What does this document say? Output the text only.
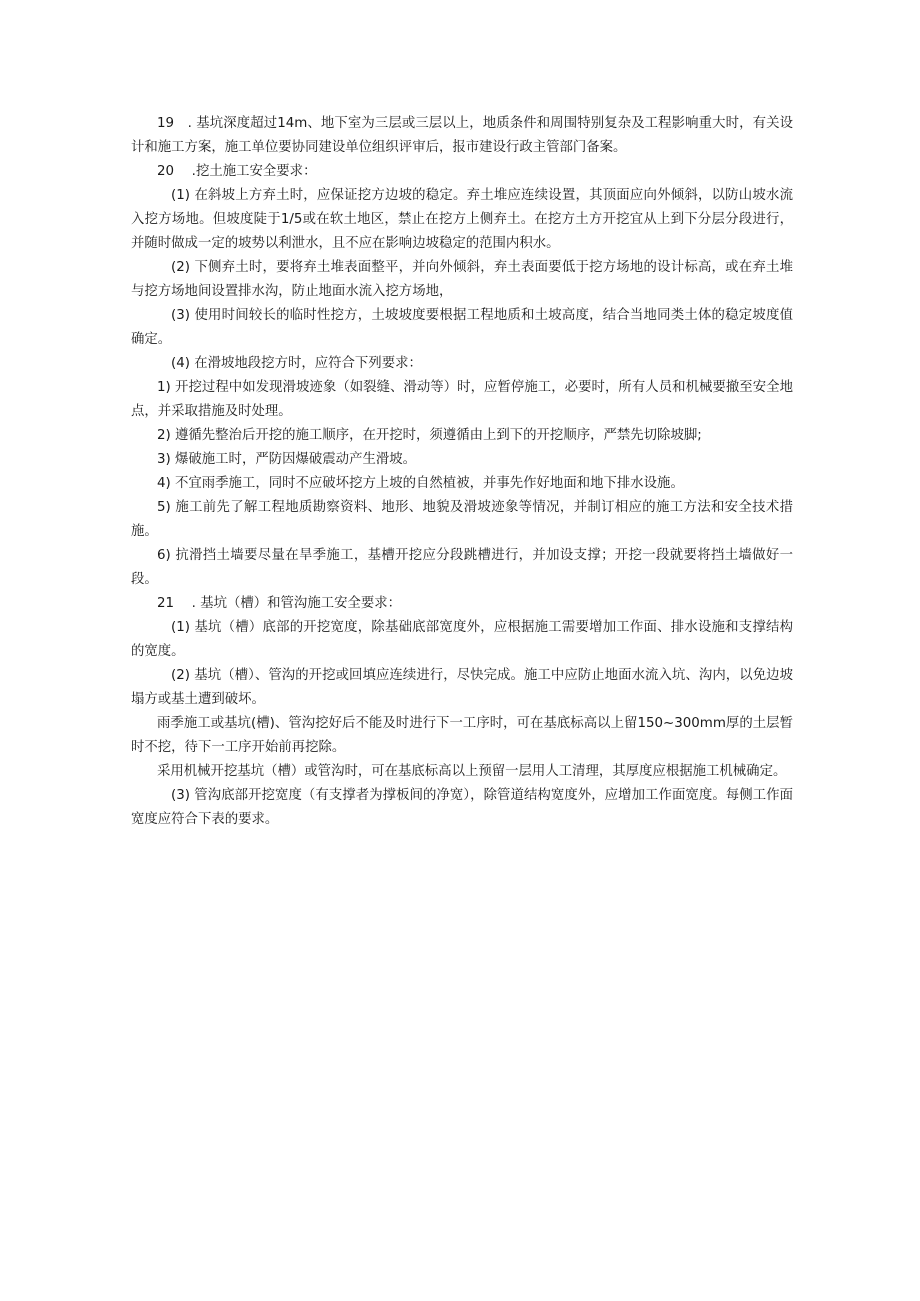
19　. 基坑深度超过14m、地下室为三层或三层以上，地质条件和周围特别复杂及工程影响重大时，有关设计和施工方案，施工单位要协同建设单位组织评审后，报市建设行政主管部门备案。

20　 .挖土施工安全要求：

(1) 在斜坡上方弃土时，应保证挖方边坡的稳定。弃土堆应连续设置，其顶面应向外倾斜，以防山坡水流入挖方场地。但坡度陡于1/5或在软土地区，禁止在挖方上侧弃土。在挖方土方开挖宜从上到下分层分段进行，并随时做成一定的坡势以利泄水，且不应在影响边坡稳定的范围内积水。

(2) 下侧弃土时，要将弃土堆表面整平，并向外倾斜，弃土表面要低于挖方场地的设计标高，或在弃土堆与挖方场地间设置排水沟，防止地面水流入挖方场地，

(3) 使用时间较长的临时性挖方，土坡坡度要根据工程地质和土坡高度，结合当地同类土体的稳定坡度值确定。

(4) 在滑坡地段挖方时，应符合下列要求：

1) 开挖过程中如发现滑坡迹象（如裂缝、滑动等）时，应暂停施工，必要时，所有人员和机械要撤至安全地点，并采取措施及时处理。

2) 遵循先整治后开挖的施工顺序，在开挖时，须遵循由上到下的开挖顺序，严禁先切除坡脚;

3) 爆破施工时，严防因爆破震动产生滑坡。

4) 不宜雨季施工，同时不应破坏挖方上坡的自然植被，并事先作好地面和地下排水设施。

5) 施工前先了解工程地质勘察资料、地形、地貌及滑坡迹象等情况，并制订相应的施工方法和安全技术措施。

6) 抗滑挡土墙要尽量在旱季施工，基槽开挖应分段跳槽进行，并加设支撑；开挖一段就要将挡土墙做好一段。

21　 . 基坑（槽）和管沟施工安全要求：

(1) 基坑（槽）底部的开挖宽度，除基础底部宽度外，应根据施工需要增加工作面、排水设施和支撑结构的宽度。

(2) 基坑（槽）、管沟的开挖或回填应连续进行，尽快完成。施工中应防止地面水流入坑、沟内，以免边坡塌方或基土遭到破坏。

雨季施工或基坑(槽)、管沟挖好后不能及时进行下一工序时，可在基底标高以上留150~300mm厚的土层暂时不挖，待下一工序开始前再挖除。

采用机械开挖基坑（槽）或管沟时，可在基底标高以上预留一层用人工清理，其厚度应根据施工机械确定。

(3) 管沟底部开挖宽度（有支撑者为撑板间的净宽），除管道结构宽度外，应增加工作面宽度。每侧工作面宽度应符合下表的要求。
